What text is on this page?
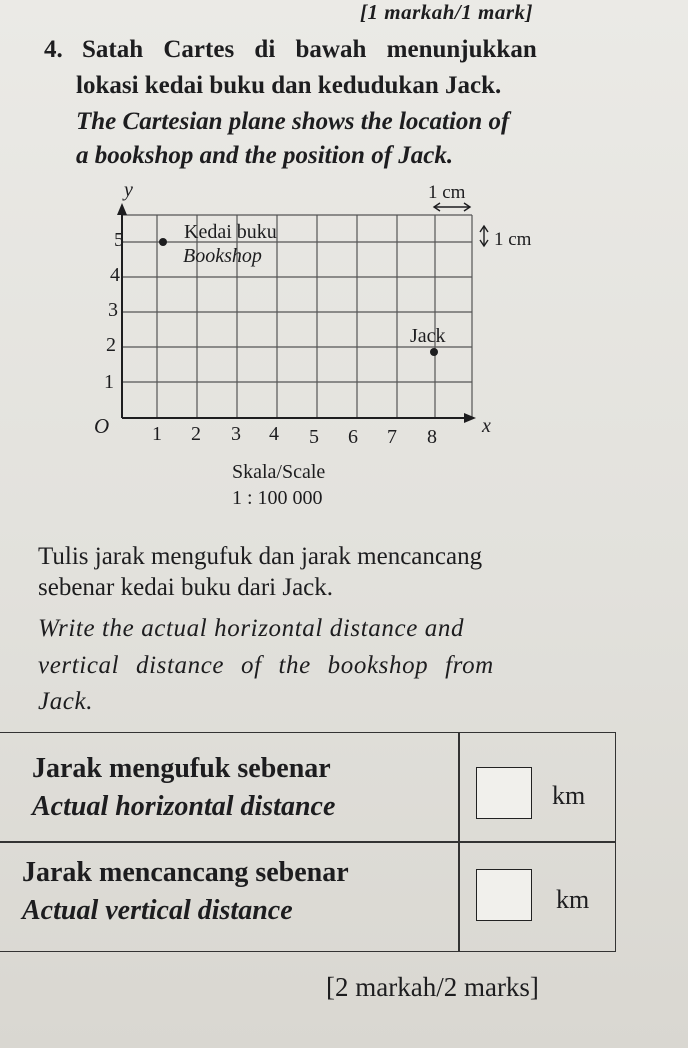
[1 markah/1 mark]
4. Satah Cartes di bawah menunjukkan
lokasi kedai buku dan kedudukan Jack.
The Cartesian plane shows the location of
a bookshop and the position of Jack.
y
x
O 1 2 3 4 5 6 7 8
1
2
3
4
5
1 cm
1 cm
Kedai buku
Bookshop
Jack
Skala/Scale
1 : 100 000
Tulis jarak mengufuk dan jarak mencancang
sebenar kedai buku dari Jack.
Write the actual horizontal distance and
vertical distance of the bookshop from
Jack.
Jarak mengufuk sebenar
Actual horizontal distance	km
Jarak mencancang sebenar
Actual vertical distance	km
[2 markah/2 marks]
